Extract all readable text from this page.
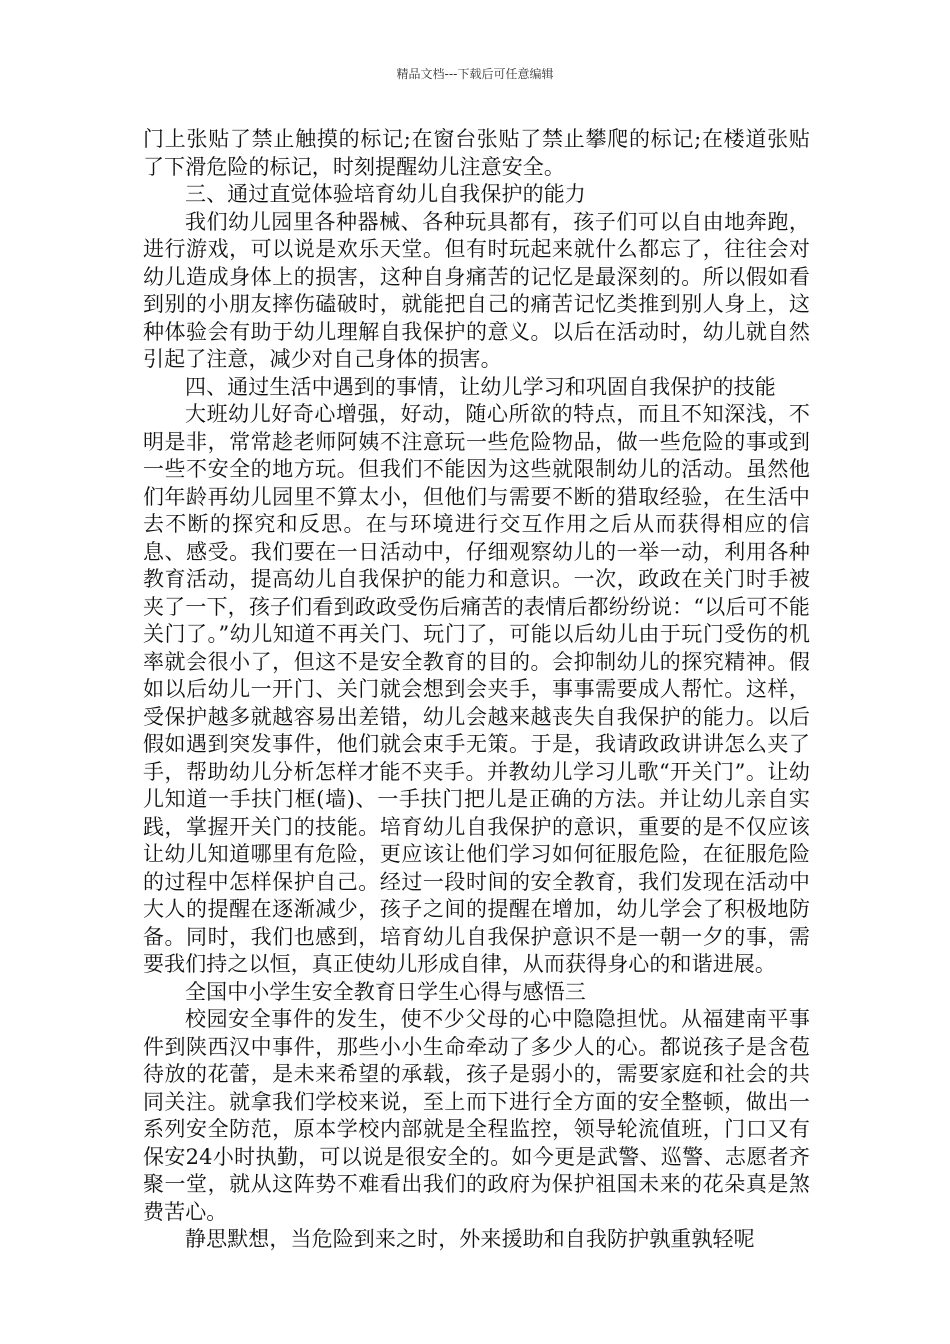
精品文档---下载后可任意编辑

门上张贴了禁止触摸的标记;在窗台张贴了禁止攀爬的标记;在楼道张贴了下滑危险的标记，时刻提醒幼儿注意安全。

三、通过直觉体验培育幼儿自我保护的能力

我们幼儿园里各种器械、各种玩具都有，孩子们可以自由地奔跑，进行游戏，可以说是欢乐天堂。但有时玩起来就什么都忘了，往往会对幼儿造成身体上的损害，这种自身痛苦的记忆是最深刻的。所以假如看到别的小朋友摔伤磕破时，就能把自己的痛苦记忆类推到别人身上，这种体验会有助于幼儿理解自我保护的意义。以后在活动时，幼儿就自然引起了注意，减少对自己身体的损害。

四、通过生活中遇到的事情，让幼儿学习和巩固自我保护的技能

大班幼儿好奇心增强，好动，随心所欲的特点，而且不知深浅，不明是非，常常趁老师阿姨不注意玩一些危险物品，做一些危险的事或到一些不安全的地方玩。但我们不能因为这些就限制幼儿的活动。虽然他们年龄再幼儿园里不算太小，但他们与需要不断的猎取经验，在生活中去不断的探究和反思。在与环境进行交互作用之后从而获得相应的信息、感受。我们要在一日活动中，仔细观察幼儿的一举一动，利用各种教育活动，提高幼儿自我保护的能力和意识。一次，政政在关门时手被夹了一下，孩子们看到政政受伤后痛苦的表情后都纷纷说：“以后可不能关门了。”幼儿知道不再关门、玩门了，可能以后幼儿由于玩门受伤的机率就会很小了，但这不是安全教育的目的。会抑制幼儿的探究精神。假如以后幼儿一开门、关门就会想到会夹手，事事需要成人帮忙。这样，受保护越多就越容易出差错，幼儿会越来越丧失自我保护的能力。以后假如遇到突发事件，他们就会束手无策。于是，我请政政讲讲怎么夹了手，帮助幼儿分析怎样才能不夹手。并教幼儿学习儿歌“开关门”。让幼儿知道一手扶门框(墙)、一手扶门把儿是正确的方法。并让幼儿亲自实践，掌握开关门的技能。培育幼儿自我保护的意识，重要的是不仅应该让幼儿知道哪里有危险，更应该让他们学习如何征服危险，在征服危险的过程中怎样保护自己。经过一段时间的安全教育，我们发现在活动中大人的提醒在逐渐减少，孩子之间的提醒在增加，幼儿学会了积极地防备。同时，我们也感到，培育幼儿自我保护意识不是一朝一夕的事，需要我们持之以恒，真正使幼儿形成自律，从而获得身心的和谐进展。

全国中小学生安全教育日学生心得与感悟三

校园安全事件的发生，使不少父母的心中隐隐担忧。从福建南平事件到陕西汉中事件，那些小小生命牵动了多少人的心。都说孩子是含苞待放的花蕾，是未来希望的承载，孩子是弱小的，需要家庭和社会的共同关注。就拿我们学校来说，至上而下进行全方面的安全整顿，做出一系列安全防范，原本学校内部就是全程监控，领导轮流值班，门口又有保安24小时执勤，可以说是很安全的。如今更是武警、巡警、志愿者齐聚一堂，就从这阵势不难看出我们的政府为保护祖国未来的花朵真是煞费苦心。

静思默想，当危险到来之时，外来援助和自我防护孰重孰轻呢
